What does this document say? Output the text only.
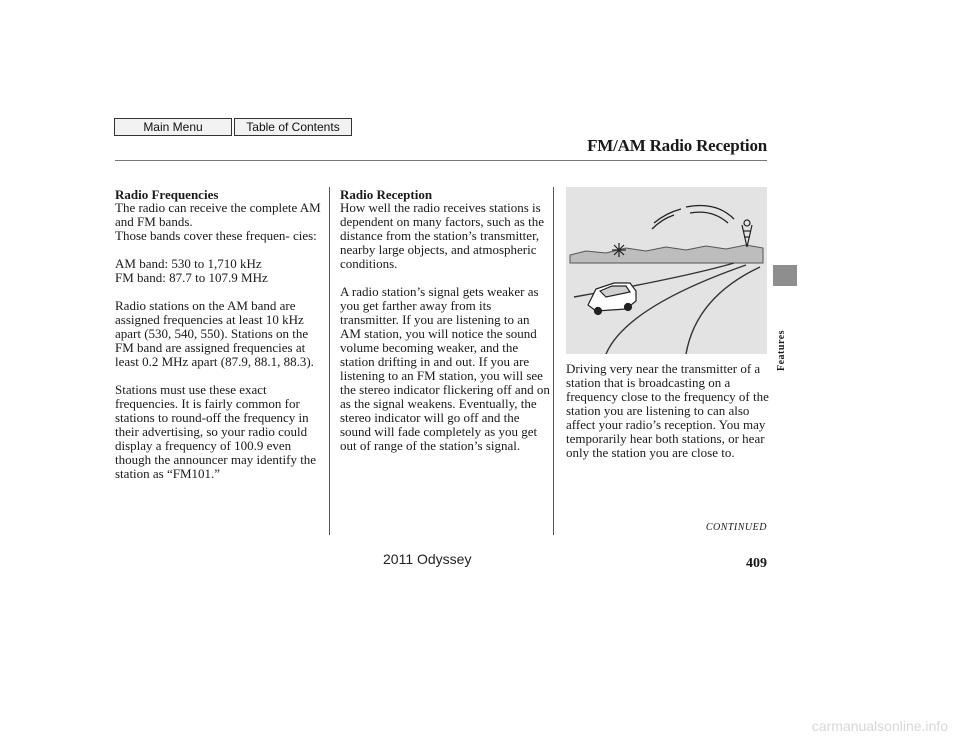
Main Menu	Table of Contents
FM/AM Radio Reception
Radio Frequencies

The radio can receive the complete AM and FM bands.

Those bands cover these frequen- cies:

AM band: 530 to 1,710 kHz

FM band: 87.7 to 107.9 MHz

Radio stations on the AM band are assigned frequencies at least 10 kHz apart (530, 540, 550). Stations on the FM band are assigned frequencies at least 0.2 MHz apart (87.9, 88.1, 88.3).

Stations must use these exact frequencies. It is fairly common for stations to round-off the frequency in their advertising, so your radio could display a frequency of 100.9 even though the announcer may identify the station as “FM101.”

Radio Reception

How well the radio receives stations is dependent on many factors, such as the distance from the station’s transmitter, nearby large objects, and atmospheric conditions.

A radio station’s signal gets weaker as you get farther away from its transmitter. If you are listening to an AM station, you will notice the sound volume becoming weaker, and the station drifting in and out. If you are listening to an FM station, you will see the stereo indicator flickering off and on as the signal weakens. Eventually, the stereo indicator will go off and the sound will fade completely as you get out of range of the station’s signal.

Driving very near the transmitter of a station that is broadcasting on a frequency close to the frequency of the station you are listening to can also affect your radio’s reception. You may temporarily hear both stations, or hear only the station you are close to.

CONTINUED
409
2011 Odyssey
Features
carmanualsonline.info
